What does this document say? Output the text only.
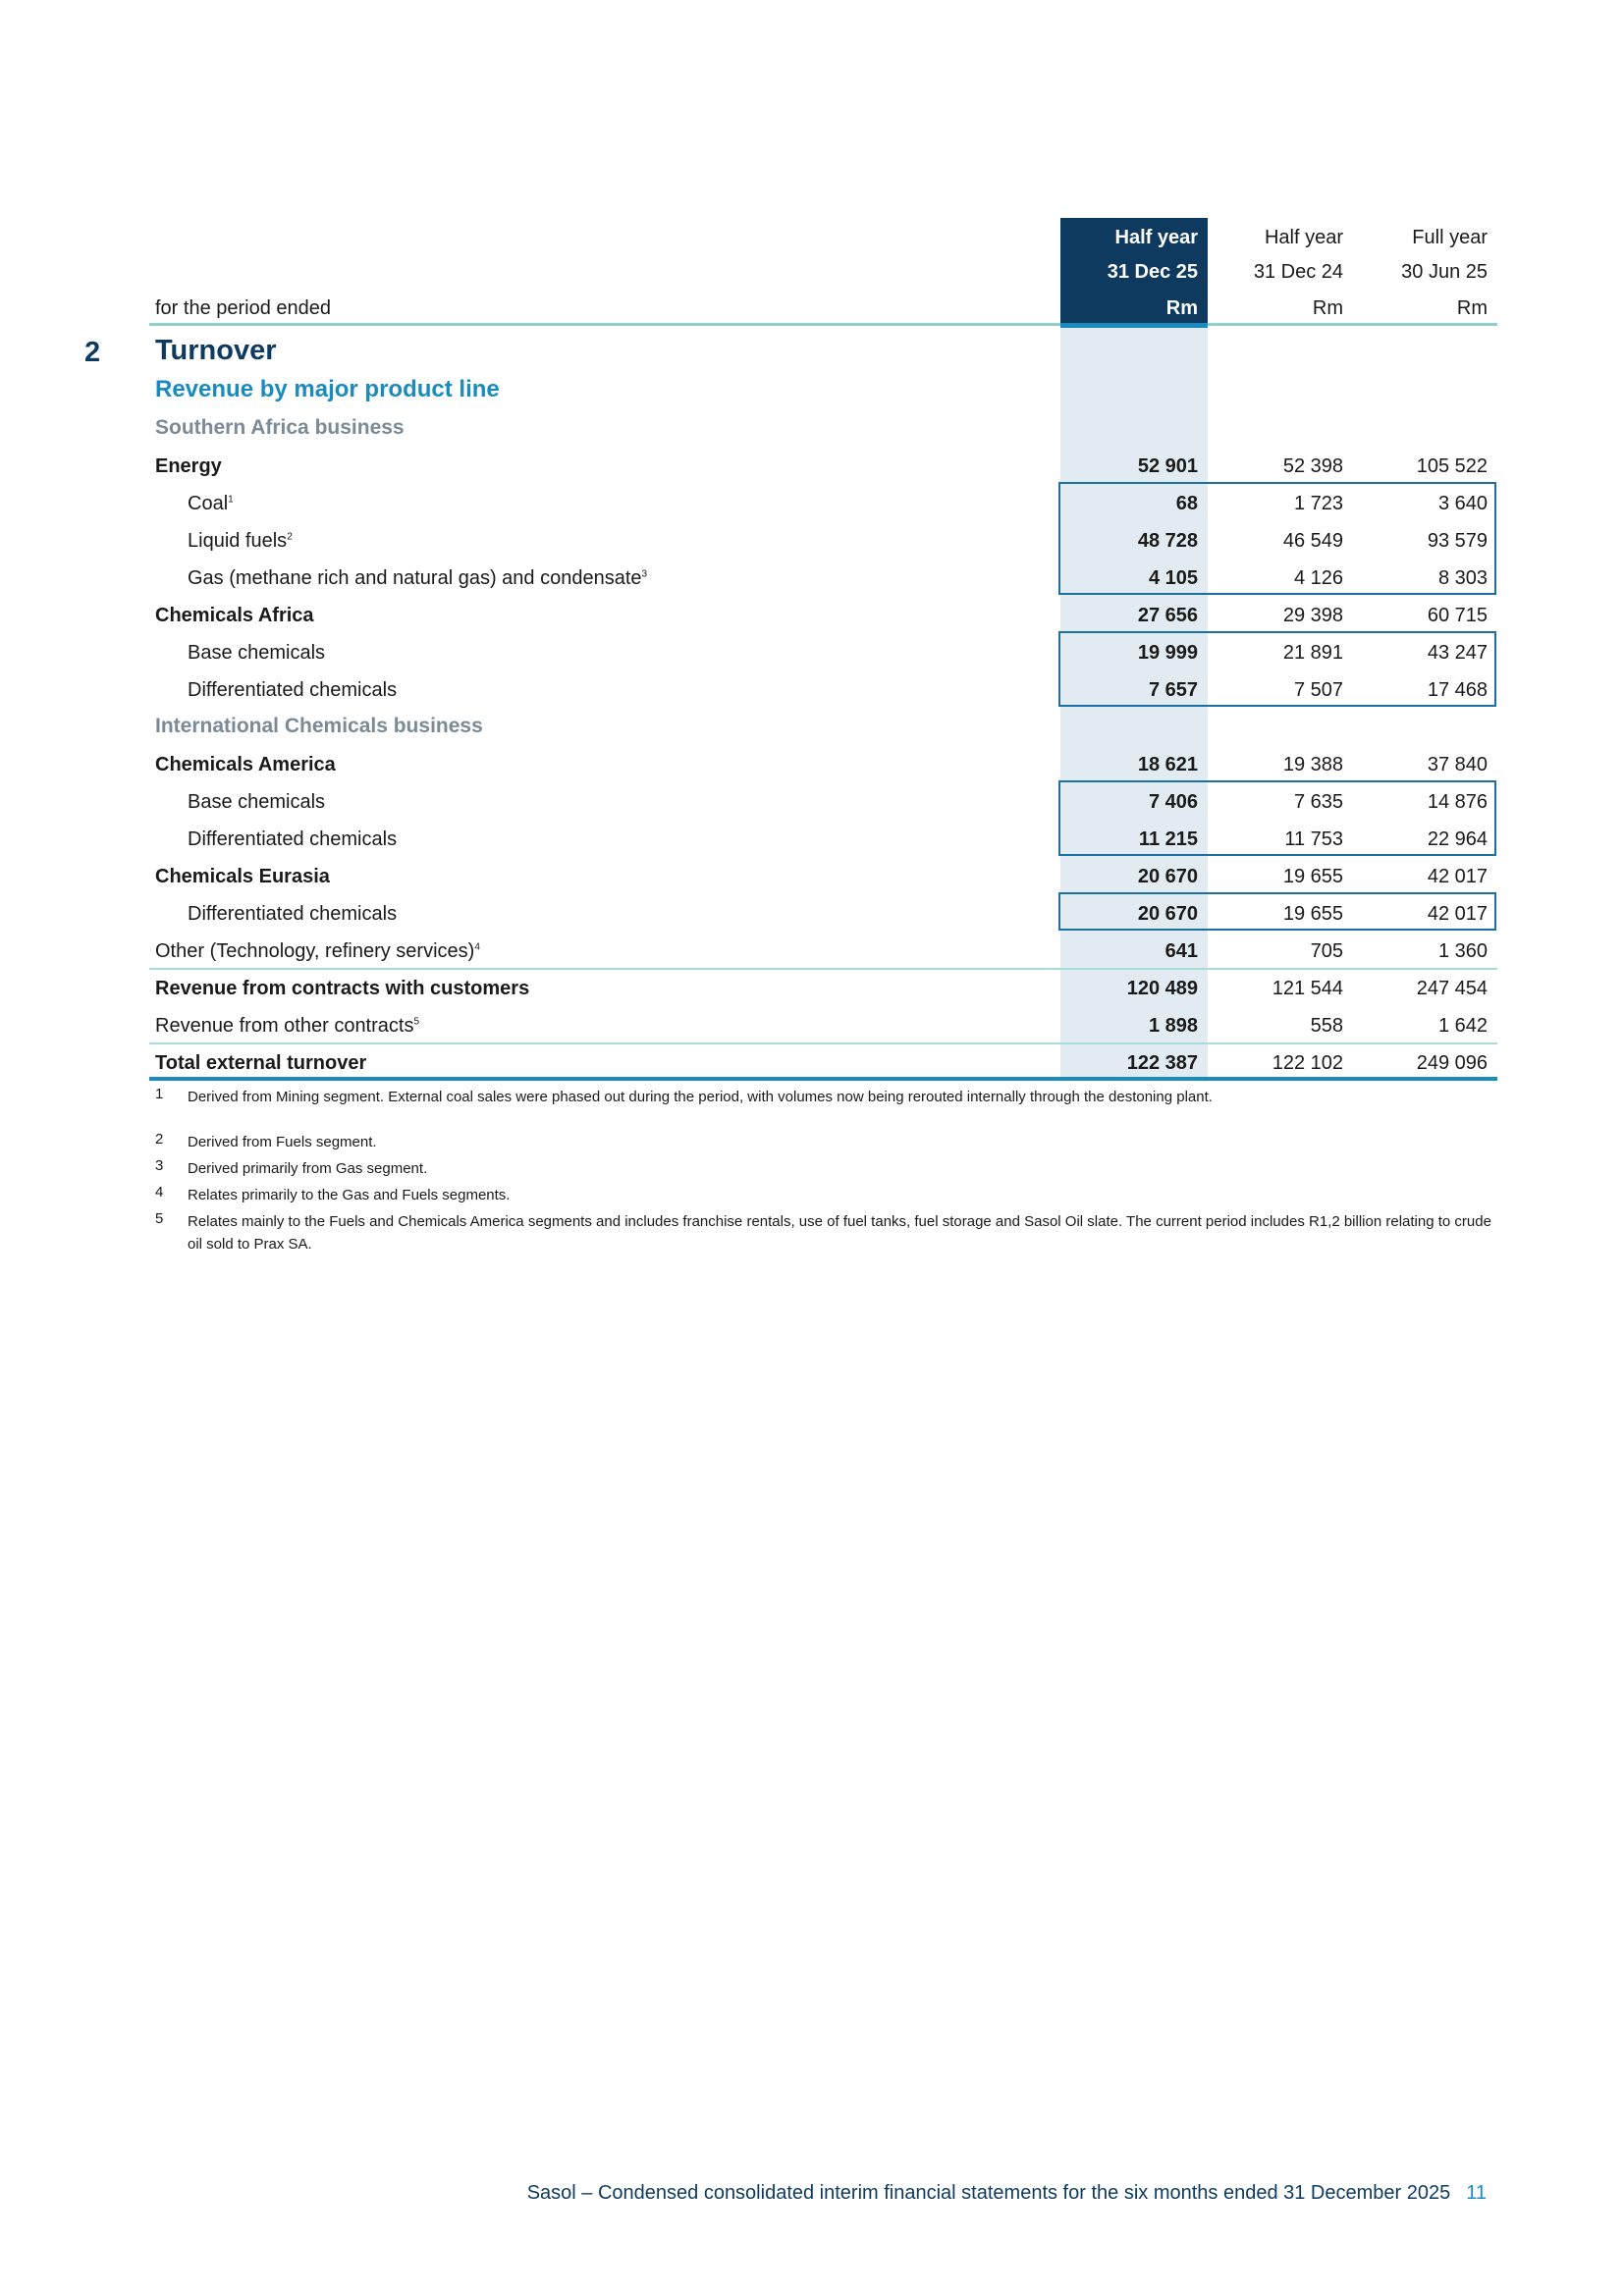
Half year
31 Dec 25
Rm
Half year
31 Dec 24
Rm
Full year
30 Jun 25
Rm
for the period ended
2 Turnover
Revenue by major product line
Southern Africa business
International Chemicals business
Energy	52 901	52 398	105 522
Coal$^1$	68	1 723	3 640
Liquid fuels$^2$	48 728	46 549	93 579
Gas (methane rich and natural gas) and condensate$^3$	4 105	4 126	8 303
Chemicals Africa	27 656	29 398	60 715
Base chemicals	19 999	21 891	43 247
Differentiated chemicals	7 657	7 507	17 468
Chemicals America	18 621	19 388	37 840
Base chemicals	7 406	7 635	14 876
Differentiated chemicals	11 215	11 753	22 964
Chemicals Eurasia	20 670	19 655	42 017
Differentiated chemicals	20 670	19 655	42 017
Other (Technology, refinery services)$^4$	641	705	1 360
Revenue from contracts with customers	120 489	121 544	247 454
Revenue from other contracts$^5$	1 898	558	1 642
Total external turnover	122 387	122 102	249 096
1 Derived from Mining segment. External coal sales were phased out during the period, with volumes now being rerouted internally through the destoning plant.
2 Derived from Fuels segment.
3 Derived primarily from Gas segment.
4 Relates primarily to the Gas and Fuels segments.
5 Relates mainly to the Fuels and Chemicals America segments and includes franchise rentals, use of fuel tanks, fuel storage and Sasol Oil slate. The current period includes R1,2 billion relating to crude oil sold to Prax SA.
Sasol – Condensed consolidated interim financial statements for the six months ended 31 December 2025 11
